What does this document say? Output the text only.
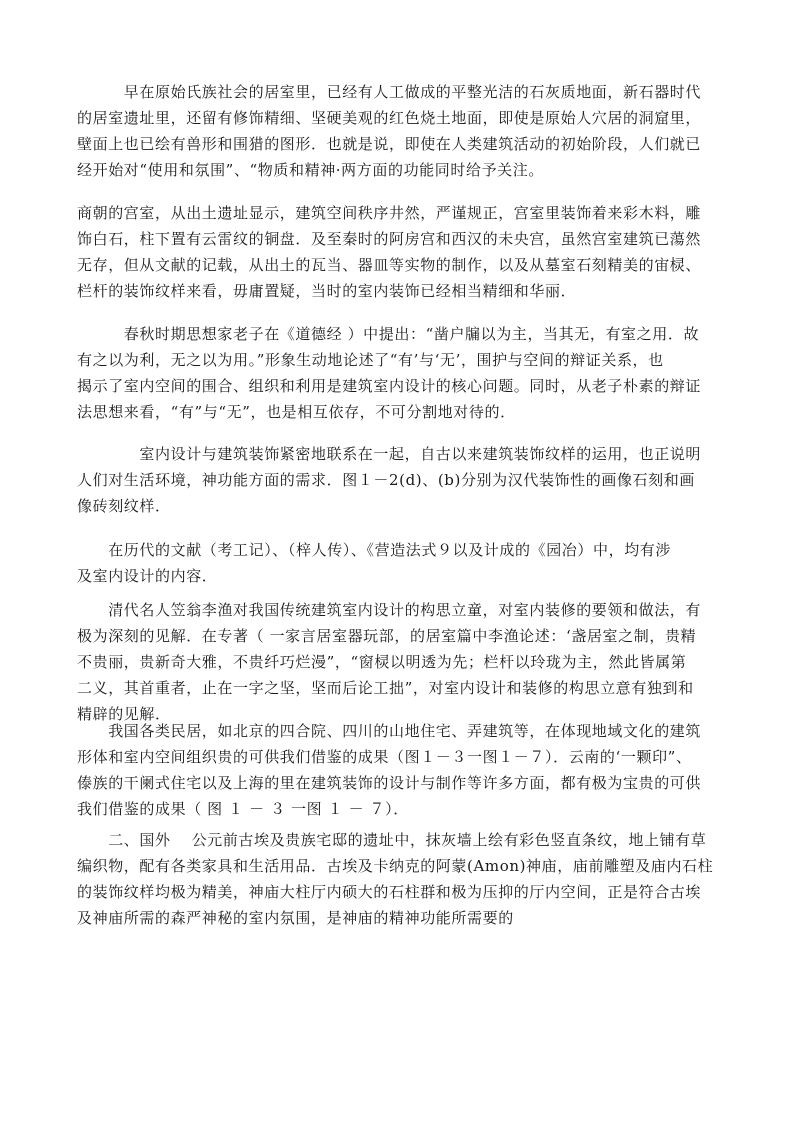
　　　早在原始氏族社会的居室里，已经有人工做成的平整光洁的石灰质地面，新石器时代
的居室遗址里，还留有修饰精细、坚硬美观的红色烧土地面，即使是原始人穴居的洞窟里，
壁面上也已绘有兽形和围猎的图形．也就是说，即使在人类建筑活动的初始阶段，人们就已
经开始对“使用和氛围”、“物质和精神·两方面的功能同时给予关注。

商朝的宫室，从出土遗址显示，建筑空间秩序井然，严谨规正，宫室里装饰着来彩木料，雕
饰白石，柱下置有云雷纹的铜盘．及至秦时的阿房宫和西汉的未央宫，虽然宫室建筑已蕩然
无存，但从文献的记载，从出土的瓦当、器皿等实物的制作，以及从墓室石刻精美的宙棂、
栏杆的装饰纹样来看，毋庸置疑，当时的室内装饰已经相当精细和华丽．

　　　春秋时期思想家老子在《道德经 ）中提出：“凿户牖以为主，当其无，有室之用．故
有之以为利，无之以为用。”形象生动地论述了“有’与‘无’，围护与空间的辩证关系，也
揭示了室内空间的围合、组织和利用是建筑室内设计的核心问题。同时，从老子朴素的辩证
法思想来看，“有”与“无”，也是相互依存，不可分割地对待的．

　　　　室内设计与建筑装饰紧密地联系在一起，自古以来建筑装饰纹样的运用，也正说明
人们对生活环境，神功能方面的需求．图１－2(d)、(b)分别为汉代装饰性的画像石刻和画
像砖刻纹样．

　　在历代的文献（考工记）、（梓人传）、《营造法式９以及计成的《园冶）中，均有涉
及室内设计的内容．

　　清代名人笠翁李渔对我国传统建筑室内设计的构思立童，对室内装修的要领和做法，有
极为深刻的见解．在专著（ 一家言居室器玩部，的居室篇中李渔论述：‘盏居室之制，贵精
不贵丽，贵新奇大雅，不贵纤巧烂漫”，“窗棂以明透为先；栏杆以玲珑为主，然此皆属第
二义，其首重者，止在一字之坚，坚而后论工拙”，对室内设计和装修的构思立意有独到和
精辟的见解．

　　我国各类民居，如北京的四合院、四川的山地住宅、弄建筑等，在体现地域文化的建筑
形体和室内空间组织贵的可供我们借鉴的成果（图１－３一图１－７）．云南的‘一颗印”、
傣族的干阑式住宅以及上海的里在建筑装饰的设计与制作等许多方面，都有极为宝贵的可供
我们借鉴的成果（ 图 １ － ３ 一图 １ － ７）．

　　二、国外　 公元前古埃及贵族宅邸的遗址中，抹灰墙上绘有彩色竖直条纹，地上铺有草
编织物，配有各类家具和生活用品．古埃及卡纳克的阿蒙(Amon)神庙，庙前雕塑及庙内石柱
的装饰纹样均极为精美，神庙大柱厅内硕大的石柱群和极为压抑的厅内空间，正是符合古埃
及神庙所需的森严神秘的室内氛围，是神庙的精神功能所需要的
